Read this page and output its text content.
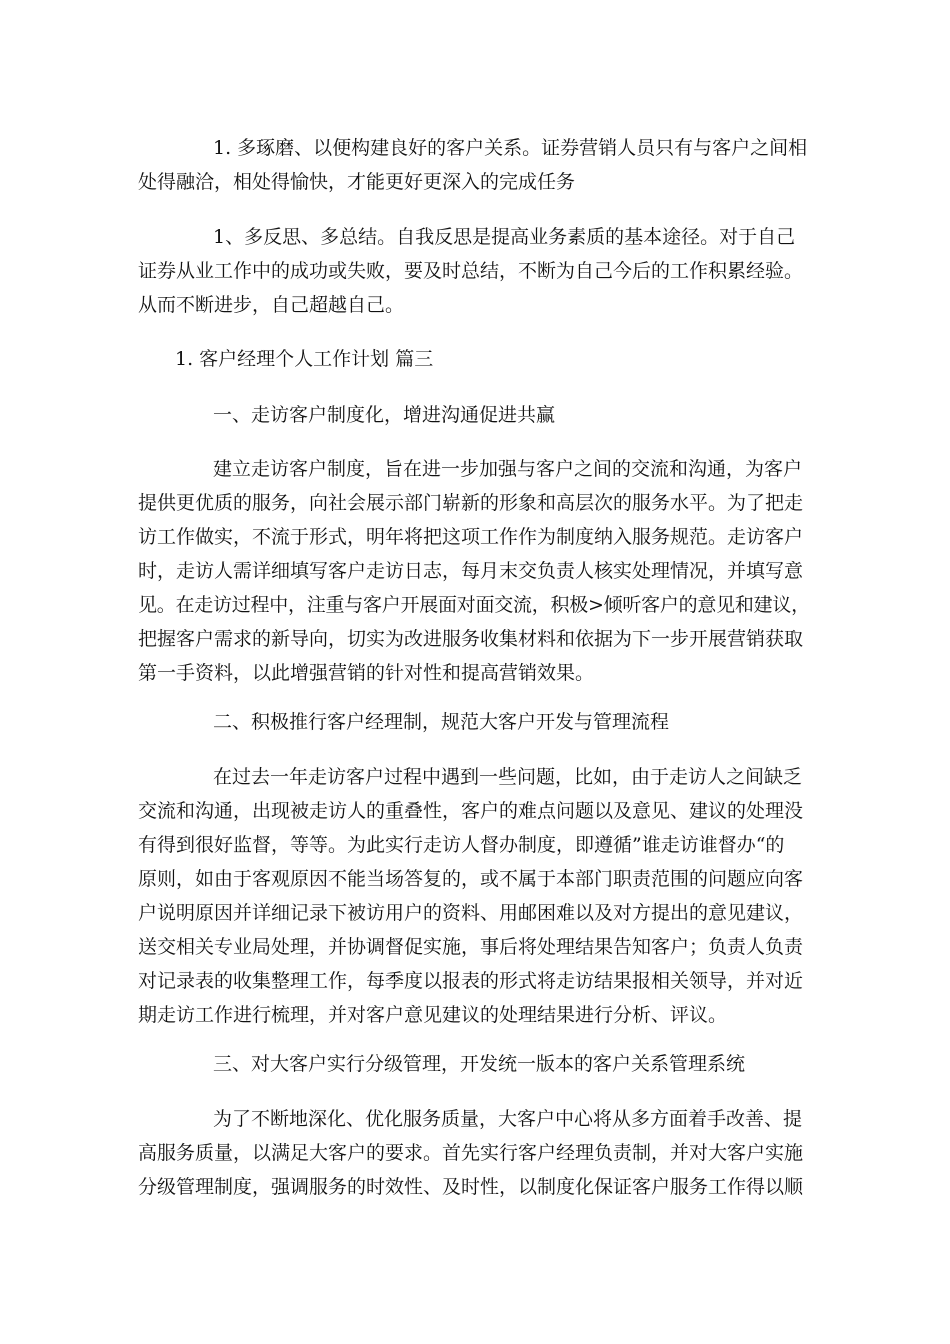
1. 多琢磨、以便构建良好的客户关系。证券营销人员只有与客户之间相
处得融洽，相处得愉快，才能更好更深入的完成任务
1、多反思、多总结。自我反思是提高业务素质的基本途径。对于自己
证券从业工作中的成功或失败，要及时总结，不断为自己今后的工作积累经验。
从而不断进步，自己超越自己。
1. 客户经理个人工作计划 篇三
一、走访客户制度化，增进沟通促进共赢
建立走访客户制度，旨在进一步加强与客户之间的交流和沟通，为客户
提供更优质的服务，向社会展示部门崭新的形象和高层次的服务水平。为了把走
访工作做实，不流于形式，明年将把这项工作作为制度纳入服务规范。走访客户
时，走访人需详细填写客户走访日志，每月末交负责人核实处理情况，并填写意
见。在走访过程中，注重与客户开展面对面交流，积极>倾听客户的意见和建议，
把握客户需求的新导向，切实为改进服务收集材料和依据为下一步开展营销获取
第一手资料，以此增强营销的针对性和提高营销效果。
二、积极推行客户经理制，规范大客户开发与管理流程
在过去一年走访客户过程中遇到一些问题，比如，由于走访人之间缺乏
交流和沟通，出现被走访人的重叠性，客户的难点问题以及意见、建议的处理没
有得到很好监督，等等。为此实行走访人督办制度，即遵循”谁走访谁督办“的
原则，如由于客观原因不能当场答复的，或不属于本部门职责范围的问题应向客
户说明原因并详细记录下被访用户的资料、用邮困难以及对方提出的意见建议，
送交相关专业局处理，并协调督促实施，事后将处理结果告知客户；负责人负责
对记录表的收集整理工作，每季度以报表的形式将走访结果报相关领导，并对近
期走访工作进行梳理，并对客户意见建议的处理结果进行分析、评议。
三、对大客户实行分级管理，开发统一版本的客户关系管理系统
为了不断地深化、优化服务质量，大客户中心将从多方面着手改善、提
高服务质量，以满足大客户的要求。首先实行客户经理负责制，并对大客户实施
分级管理制度，强调服务的时效性、及时性，以制度化保证客户服务工作得以顺
